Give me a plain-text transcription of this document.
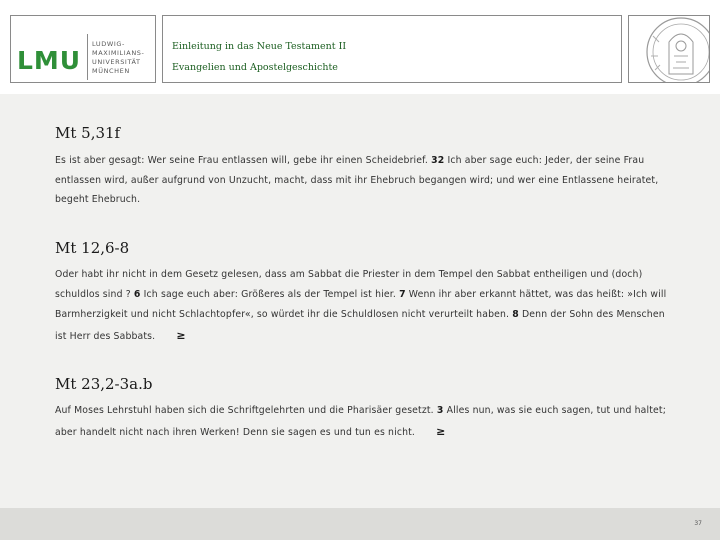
LMU
LUDWIG-
MAXIMILIANS-
UNIVERSITÄT
MÜNCHEN
Einleitung in das Neue Testament II
Evangelien und Apostelgeschichte
Mt 5,31f
Es ist aber gesagt: Wer seine Frau entlassen will, gebe ihr einen Scheidebrief. 32 Ich aber sage euch: Jeder, der seine Frau
entlassen wird, außer aufgrund von Unzucht, macht, dass mit ihr Ehebruch begangen wird; und wer eine Entlassene heiratet,
begeht Ehebruch.
Mt 12,6-8
Oder habt ihr nicht in dem Gesetz gelesen, dass am Sabbat die Priester in dem Tempel den Sabbat entheiligen und (doch)
schuldlos sind ? 6 Ich sage euch aber: Größeres als der Tempel ist hier. 7 Wenn ihr aber erkannt hättet, was das heißt: »Ich will
Barmherzigkeit und nicht Schlachtopfer«, so würdet ihr die Schuldlosen nicht verurteilt haben. 8 Denn der Sohn des Menschen
ist Herr des Sabbats. ≥
Mt 23,2-3a.b
Auf Moses Lehrstuhl haben sich die Schriftgelehrten und die Pharisäer gesetzt. 3 Alles nun, was sie euch sagen, tut und haltet;
aber handelt nicht nach ihren Werken! Denn sie sagen es und tun es nicht. ≥
37
